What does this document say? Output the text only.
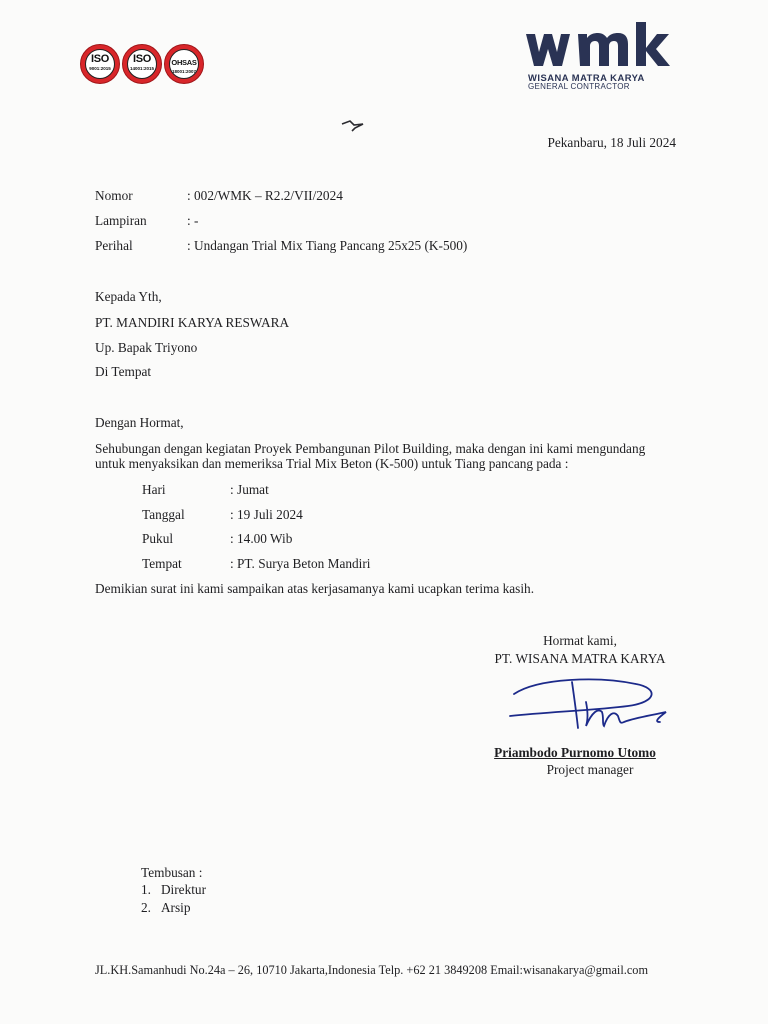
ISO
9001:2015
ISO
14001:2015
OHSAS
18001:2007
WISANA MATRA KARYA
GENERAL CONTRACTOR
Pekanbaru, 18 Juli 2024
Nomor	: 002/WMK – R2.2/VII/2024
Lampiran	: -
Perihal	: Undangan Trial Mix Tiang Pancang 25x25 (K-500)
Kepada Yth,
PT. MANDIRI KARYA RESWARA
Up. Bapak Triyono
Di Tempat
Dengan Hormat,
Sehubungan dengan kegiatan Proyek Pembangunan Pilot Building, maka dengan ini kami mengundang
untuk menyaksikan dan memeriksa Trial Mix Beton (K-500) untuk Tiang pancang pada :
Hari	: Jumat
Tanggal	: 19 Juli 2024
Pukul	: 14.00 Wib
Tempat	: PT. Surya Beton Mandiri
Demikian surat ini kami sampaikan atas kerjasamanya kami ucapkan terima kasih.
Hormat kami,
PT. WISANA MATRA KARYA
Priambodo Purnomo Utomo
Project manager
Tembusan :
1.   Direktur
2.   Arsip
JL.KH.Samanhudi No.24a – 26, 10710 Jakarta,Indonesia Telp. +62 21 3849208 Email:wisanakarya@gmail.com
